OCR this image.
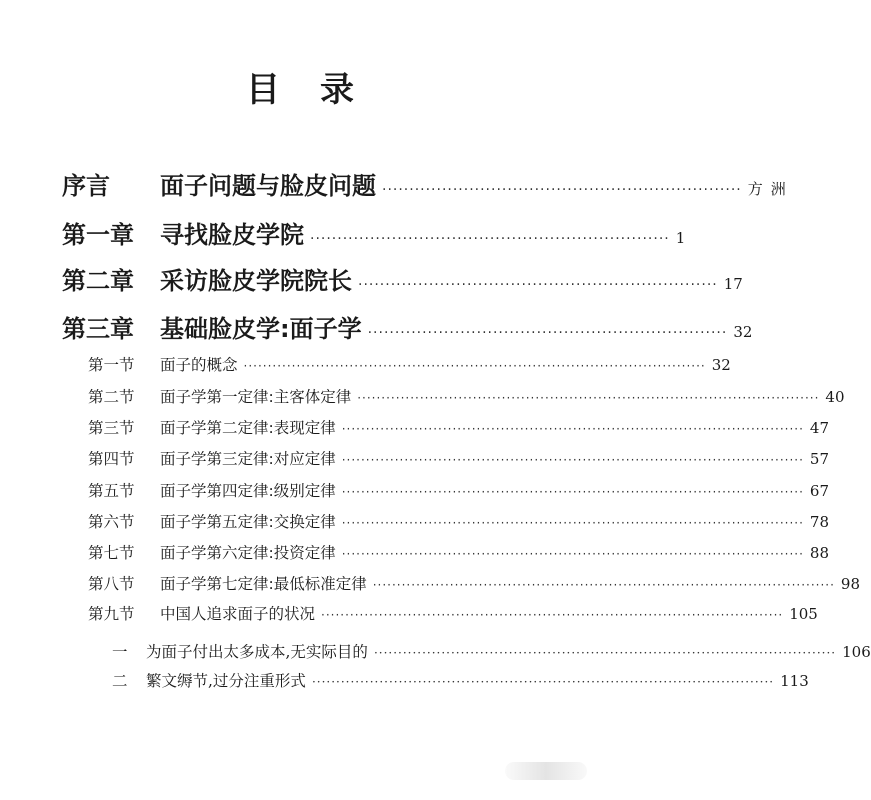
目录
序言	面子问题与脸皮问题 ·································································· 方洲
第一章	寻找脸皮学院 ·································································· 1
第二章	采访脸皮学院院长 ·································································· 17
第三章	基础脸皮学:面子学 ·································································· 32
第一节	面子的概念 ································································································ 32
第二节	面子学第一定律:主客体定律 ································································································ 40
第三节	面子学第二定律:表现定律 ································································································ 47
第四节	面子学第三定律:对应定律 ································································································ 57
第五节	面子学第四定律:级别定律 ································································································ 67
第六节	面子学第五定律:交换定律 ································································································ 78
第七节	面子学第六定律:投资定律 ································································································ 88
第八节	面子学第七定律:最低标准定律 ································································································ 98
第九节	中国人追求面子的状况 ································································································ 105
一	为面子付出太多成本,无实际目的 ································································································ 106
二	繁文缛节,过分注重形式 ································································································ 113
